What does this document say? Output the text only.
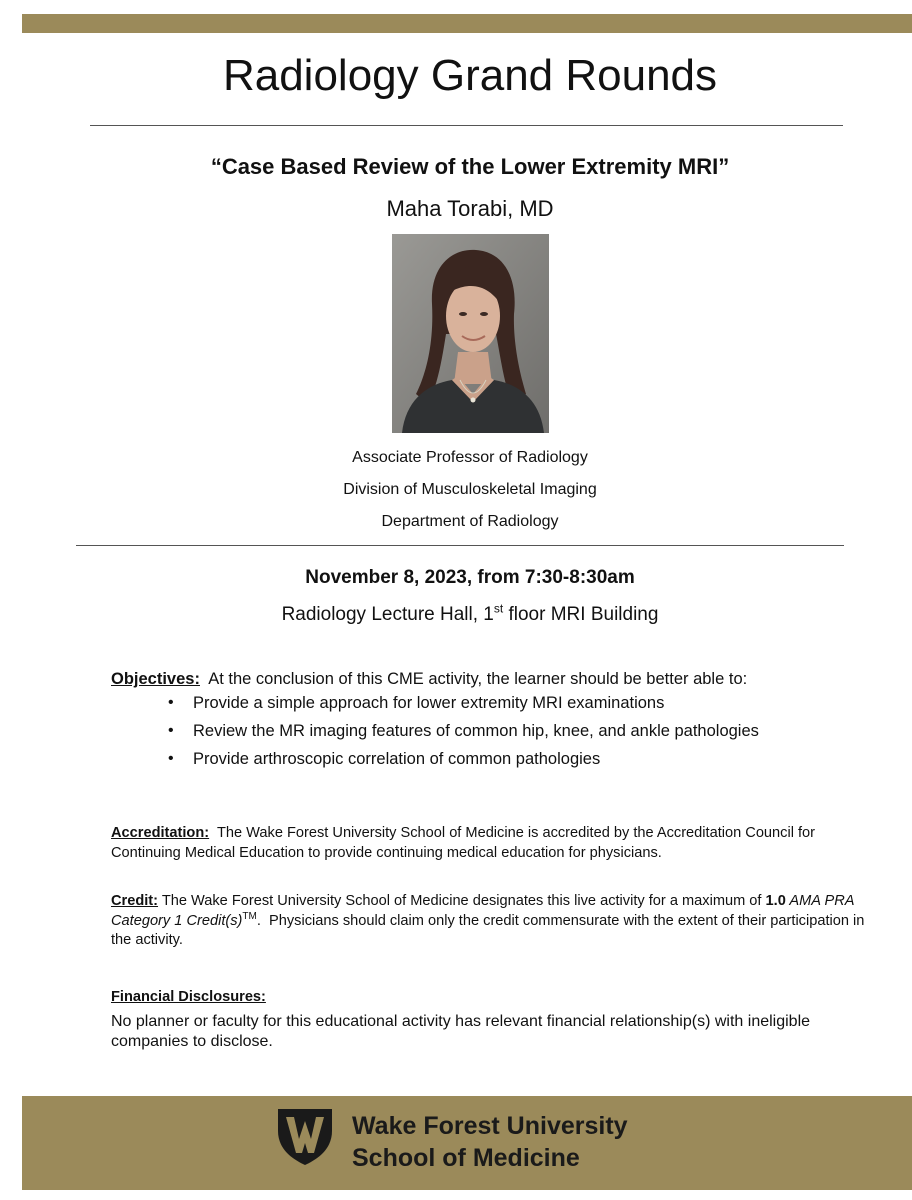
Radiology Grand Rounds
“Case Based Review of the Lower Extremity MRI”
Maha Torabi, MD
Associate Professor of Radiology
Division of Musculoskeletal Imaging
Department of Radiology
November 8, 2023, from 7:30-8:30am
Radiology Lecture Hall, 1st floor MRI Building
Objectives:  At the conclusion of this CME activity, the learner should be better able to:
• Provide a simple approach for lower extremity MRI examinations
• Review the MR imaging features of common hip, knee, and ankle pathologies
• Provide arthroscopic correlation of common pathologies
Accreditation:  The Wake Forest University School of Medicine is accredited by the Accreditation Council for Continuing Medical Education to provide continuing medical education for physicians.
Credit: The Wake Forest University School of Medicine designates this live activity for a maximum of 1.0 AMA PRA Category 1 Credit(s)™.  Physicians should claim only the credit commensurate with the extent of their participation in the activity.
Financial Disclosures:
No planner or faculty for this educational activity has relevant financial relationship(s) with ineligible companies to disclose.
Wake Forest University
School of Medicine
